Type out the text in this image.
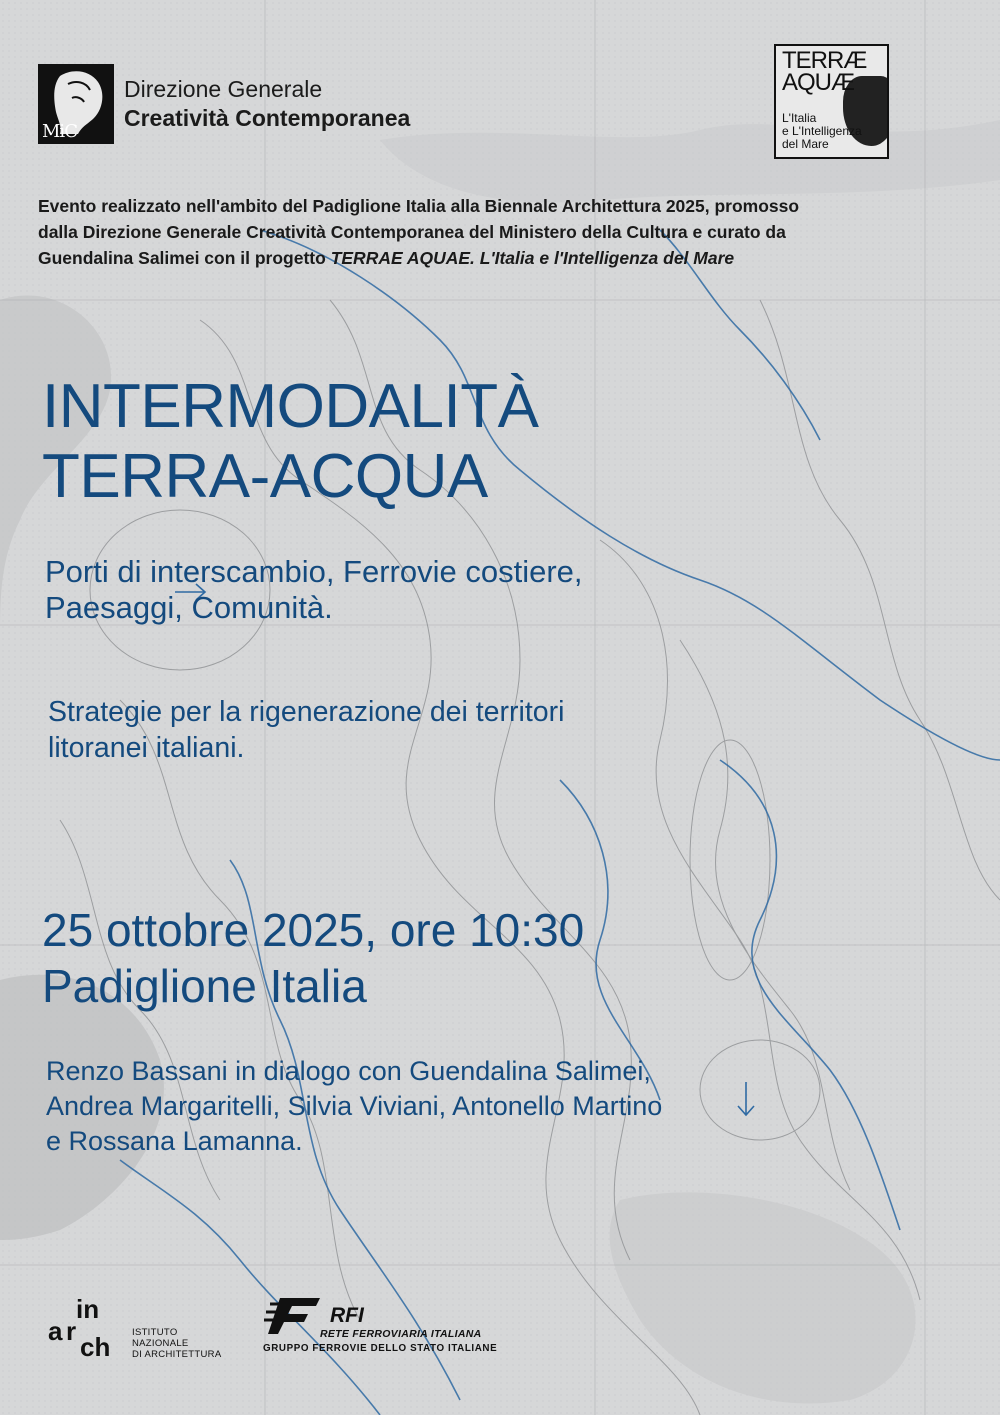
MiC
Direzione Generale
Creatività Contemporanea
TERRÆ
AQUÆ
L'Italia
e L'Intelligenza
del Mare
Evento realizzato nell'ambito del Padiglione Italia alla Biennale Architettura 2025, promosso
dalla Direzione Generale Creatività Contemporanea del Ministero della Cultura e curato da
Guendalina Salimei con il progetto TERRAE AQUAE. L'Italia e l'Intelligenza del Mare
INTERMODALITÀ
TERRA-ACQUA
Porti di interscambio, Ferrovie costiere,
Paesaggi, Comunità.
Strategie per la rigenerazione dei territori
litoranei italiani.
25 ottobre 2025, ore 10:30
Padiglione Italia
Renzo Bassani in dialogo con Guendalina Salimei,
Andrea Margaritelli, Silvia Viviani, Antonello Martino
e Rossana Lamanna.
in
a r
ch ISTITUTO
NAZIONALE
DI ARCHITETTURA
RFI
RETE FERROVIARIA ITALIANA
GRUPPO FERROVIE DELLO STATO ITALIANE
